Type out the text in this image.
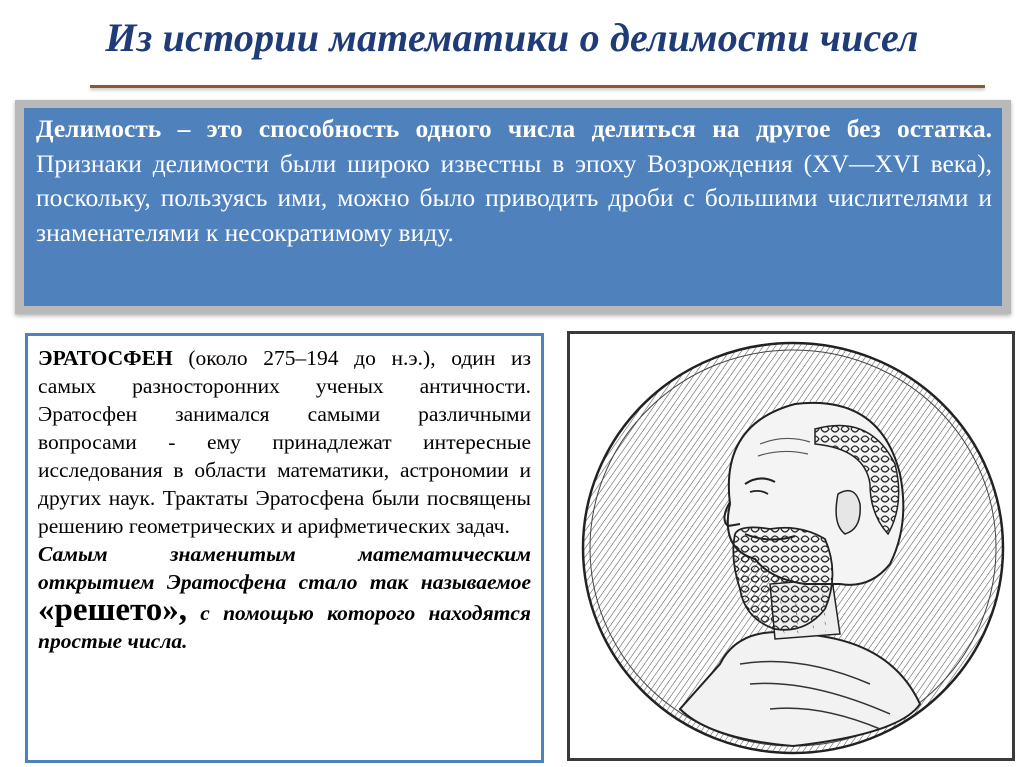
Из истории математики о делимости чисел
Делимость – это способность одного числа делиться на другое без остатка. Признаки делимости были широко известны в эпоху Возрождения (XV—XVI века), поскольку, пользуясь ими, можно было приводить дроби с большими числителями и знаменателями к несократимому виду.

ЭРАТОСФЕН (около 275–194 до н.э.), один из самых разносторонних ученых античности. Эратосфен занимался самыми различными вопросами - ему принадлежат интересные исследования в области математики, астрономии и других наук. Трактаты Эратосфена были посвящены решению геометрических и арифметических задач.

Самым знаменитым математическим открытием Эратосфена стало так называемое «решето», с помощью которого находятся простые числа.
